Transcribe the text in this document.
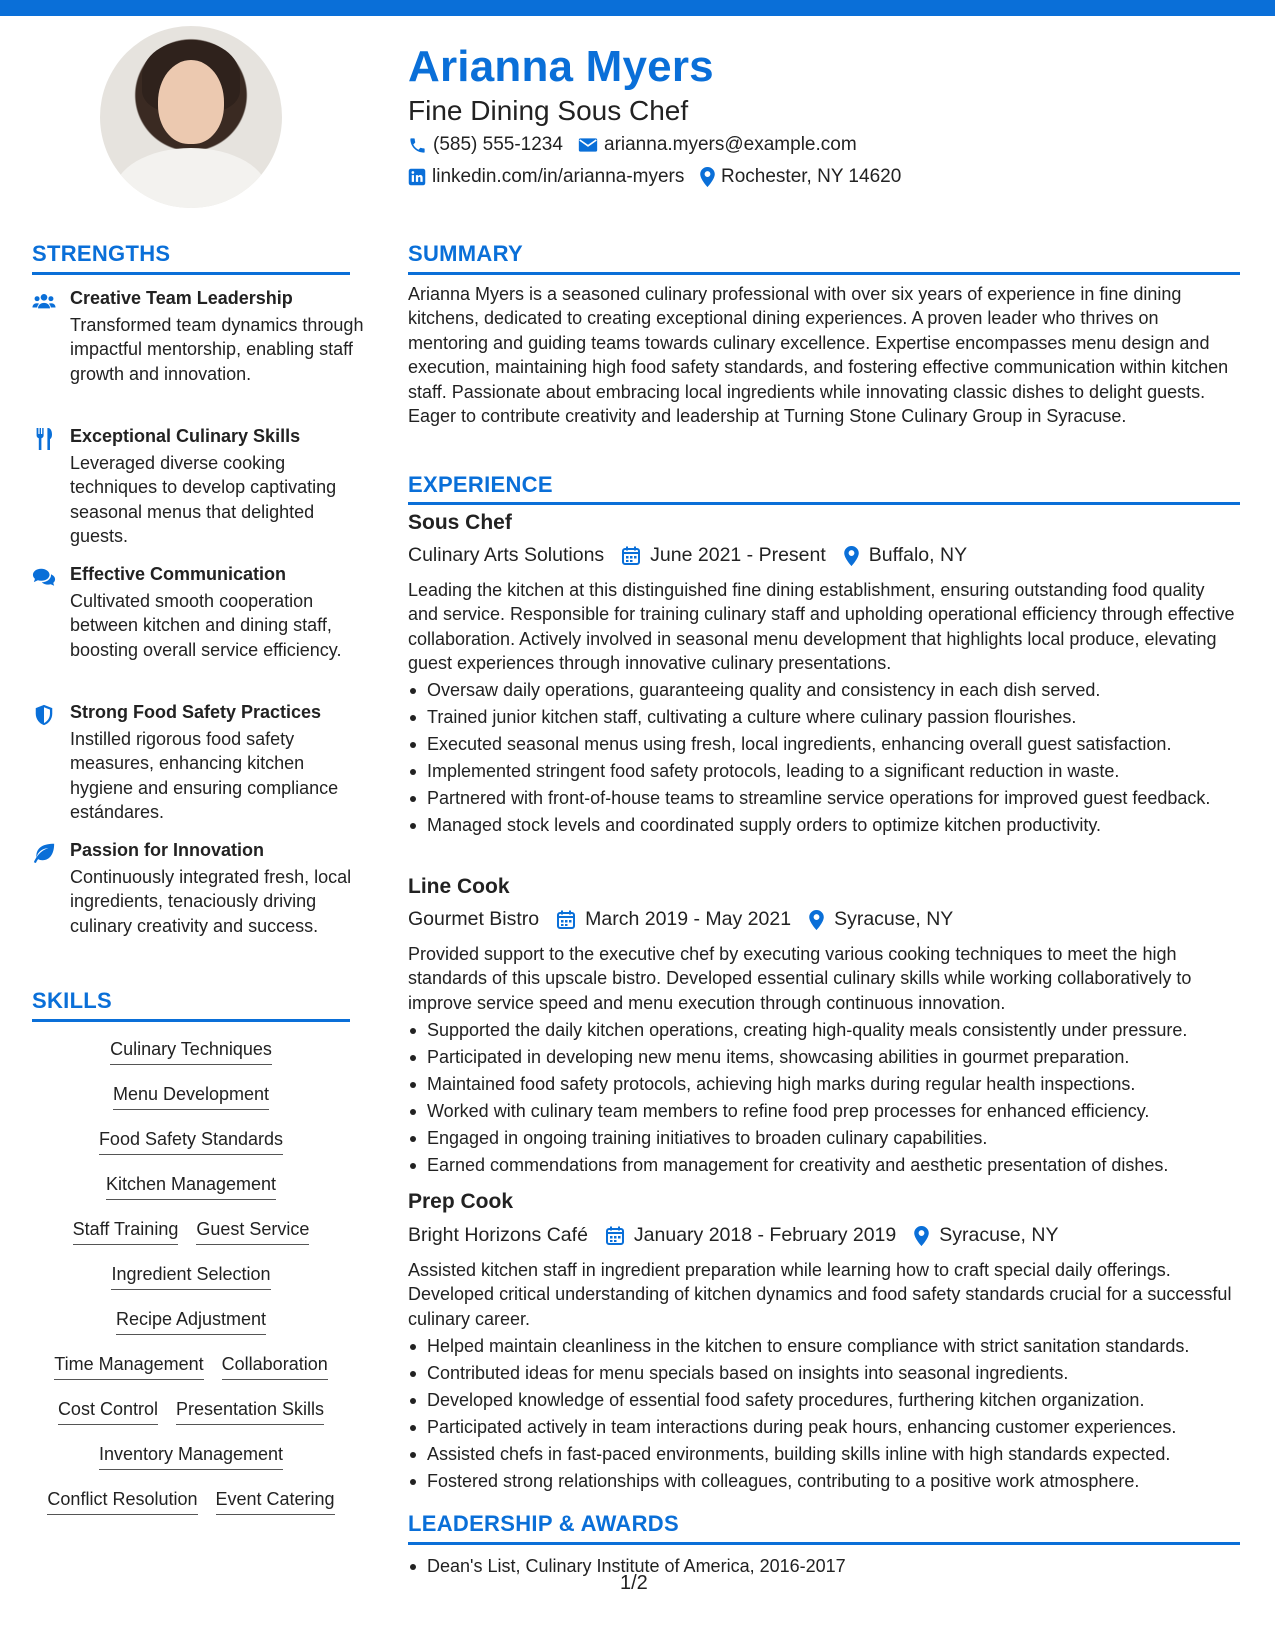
Arianna Myers
Fine Dining Sous Chef
(585) 555-1234 arianna.myers@example.com
linkedin.com/in/arianna-myers Rochester, NY 14620
STRENGTHS
Creative Team Leadership
Transformed team dynamics through impactful mentorship, enabling staff growth and innovation.
Exceptional Culinary Skills
Leveraged diverse cooking techniques to develop captivating seasonal menus that delighted guests.
Effective Communication
Cultivated smooth cooperation between kitchen and dining staff, boosting overall service efficiency.
Strong Food Safety Practices
Instilled rigorous food safety measures, enhancing kitchen hygiene and ensuring compliance estándares.
Passion for Innovation
Continuously integrated fresh, local ingredients, tenaciously driving culinary creativity and success.
SKILLS
Culinary Techniques
Menu Development
Food Safety Standards
Kitchen Management
Staff Training Guest Service
Ingredient Selection
Recipe Adjustment
Time Management Collaboration
Cost Control Presentation Skills
Inventory Management
Conflict Resolution Event Catering
SUMMARY
Arianna Myers is a seasoned culinary professional with over six years of experience in fine dining kitchens, dedicated to creating exceptional dining experiences. A proven leader who thrives on mentoring and guiding teams towards culinary excellence. Expertise encompasses menu design and execution, maintaining high food safety standards, and fostering effective communication within kitchen staff. Passionate about embracing local ingredients while innovating classic dishes to delight guests. Eager to contribute creativity and leadership at Turning Stone Culinary Group in Syracuse.
EXPERIENCE
Sous Chef
Culinary Arts Solutions June 2021 - Present Buffalo, NY
Leading the kitchen at this distinguished fine dining establishment, ensuring outstanding food quality and service. Responsible for training culinary staff and upholding operational efficiency through effective collaboration. Actively involved in seasonal menu development that highlights local produce, elevating guest experiences through innovative culinary presentations.
Oversaw daily operations, guaranteeing quality and consistency in each dish served.
Trained junior kitchen staff, cultivating a culture where culinary passion flourishes.
Executed seasonal menus using fresh, local ingredients, enhancing overall guest satisfaction.
Implemented stringent food safety protocols, leading to a significant reduction in waste.
Partnered with front-of-house teams to streamline service operations for improved guest feedback.
Managed stock levels and coordinated supply orders to optimize kitchen productivity.
Line Cook
Gourmet Bistro March 2019 - May 2021 Syracuse, NY
Provided support to the executive chef by executing various cooking techniques to meet the high standards of this upscale bistro. Developed essential culinary skills while working collaboratively to improve service speed and menu execution through continuous innovation.
Supported the daily kitchen operations, creating high-quality meals consistently under pressure.
Participated in developing new menu items, showcasing abilities in gourmet preparation.
Maintained food safety protocols, achieving high marks during regular health inspections.
Worked with culinary team members to refine food prep processes for enhanced efficiency.
Engaged in ongoing training initiatives to broaden culinary capabilities.
Earned commendations from management for creativity and aesthetic presentation of dishes.
Prep Cook
Bright Horizons Café January 2018 - February 2019 Syracuse, NY
Assisted kitchen staff in ingredient preparation while learning how to craft special daily offerings. Developed critical understanding of kitchen dynamics and food safety standards crucial for a successful culinary career.
Helped maintain cleanliness in the kitchen to ensure compliance with strict sanitation standards.
Contributed ideas for menu specials based on insights into seasonal ingredients.
Developed knowledge of essential food safety procedures, furthering kitchen organization.
Participated actively in team interactions during peak hours, enhancing customer experiences.
Assisted chefs in fast-paced environments, building skills inline with high standards expected.
Fostered strong relationships with colleagues, contributing to a positive work atmosphere.
LEADERSHIP & AWARDS
Dean's List, Culinary Institute of America, 2016-2017
1/2
